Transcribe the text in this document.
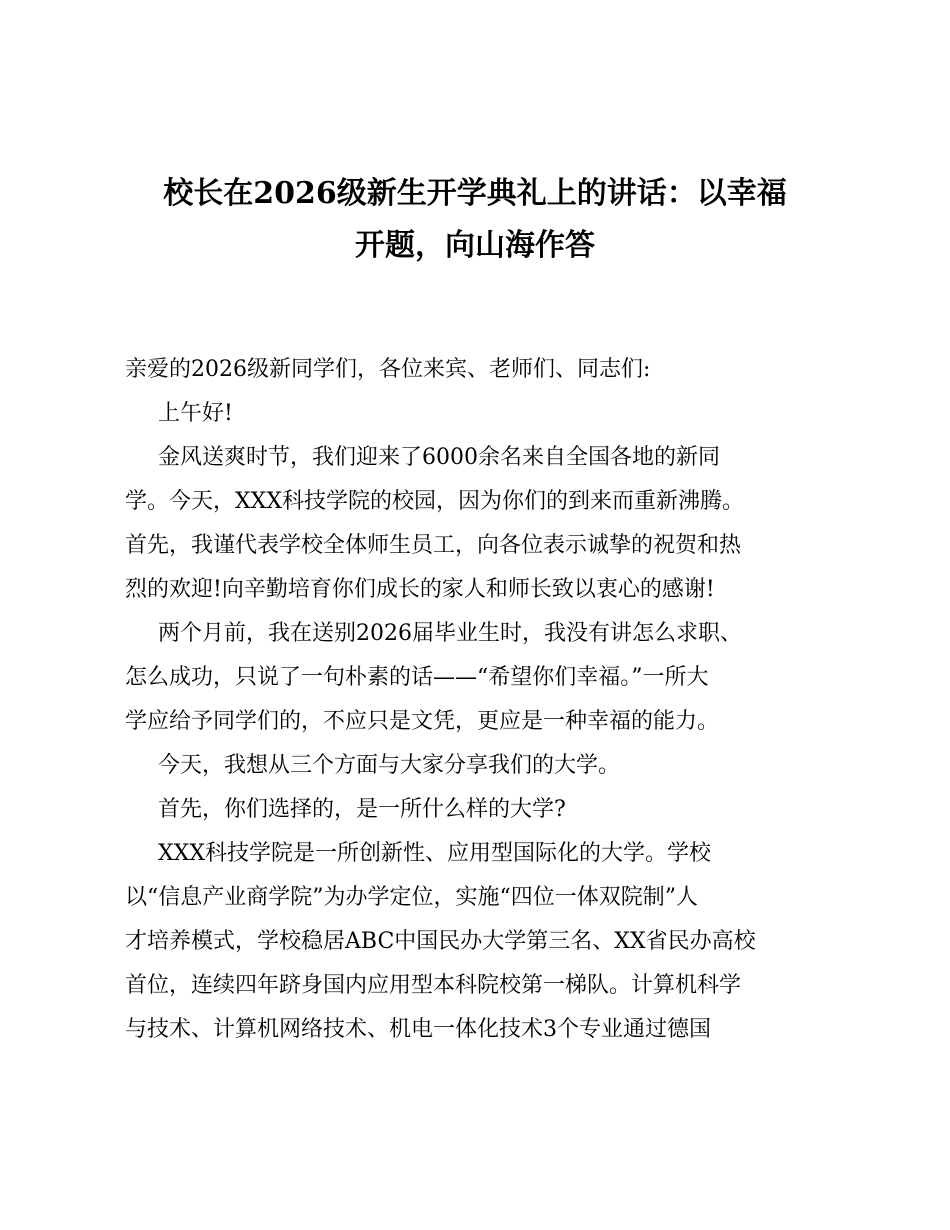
校长在2026级新生开学典礼上的讲话：以幸福
开题，向山海作答
亲爱的2026级新同学们，各位来宾、老师们、同志们:
上午好!
金风送爽时节，我们迎来了6000余名来自全国各地的新同
学。今天，XXX科技学院的校园，因为你们的到来而重新沸腾。
首先，我谨代表学校全体师生员工，向各位表示诚挚的祝贺和热
烈的欢迎!向辛勤培育你们成长的家人和师长致以衷心的感谢!
两个月前，我在送别2026届毕业生时，我没有讲怎么求职、
怎么成功，只说了一句朴素的话——“希望你们幸福。”一所大
学应给予同学们的，不应只是文凭，更应是一种幸福的能力。
今天，我想从三个方面与大家分享我们的大学。
首先，你们选择的，是一所什么样的大学?
XXX科技学院是一所创新性、应用型国际化的大学。学校
以“信息产业商学院”为办学定位，实施“四位一体双院制”人
才培养模式，学校稳居ABC中国民办大学第三名、XX省民办高校
首位，连续四年跻身国内应用型本科院校第一梯队。计算机科学
与技术、计算机网络技术、机电一体化技术3个专业通过德国
